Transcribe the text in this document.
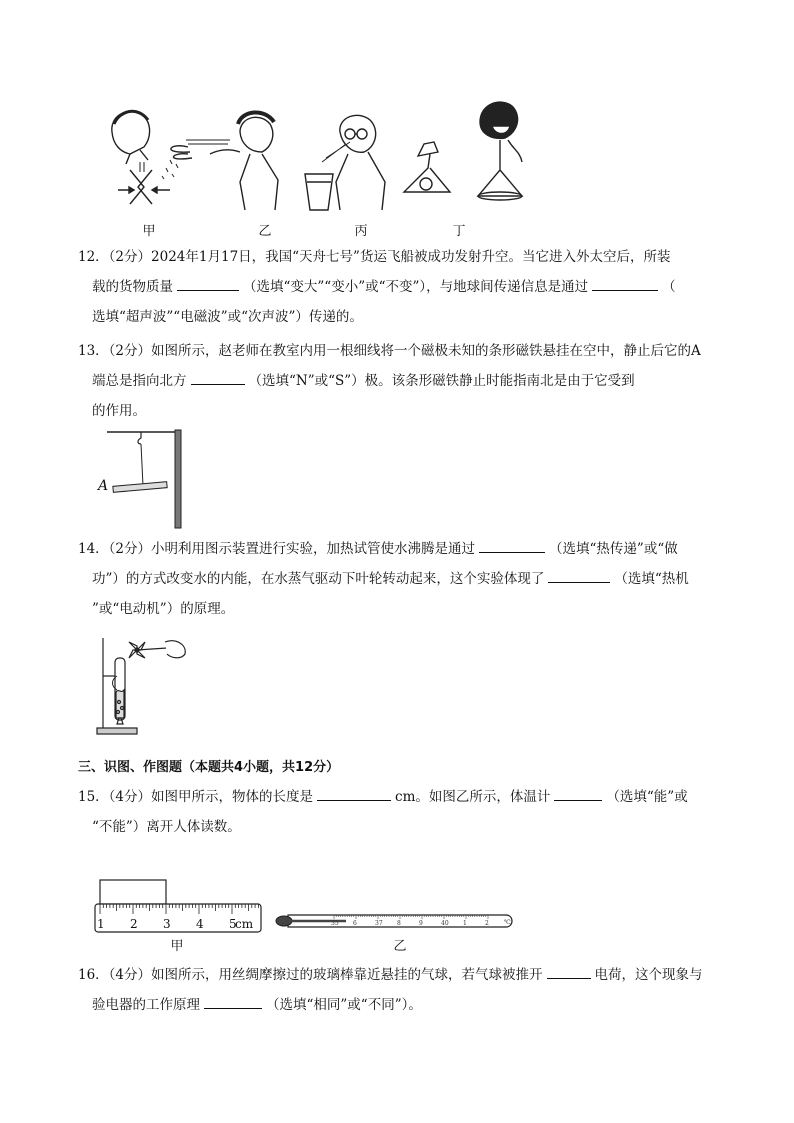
甲	乙	丙	丁
12．（2分）2024年1月17日，我国“天舟七号”货运飞船被成功发射升空。当它进入外太空后，所装
载的货物质量	（选填“变大”“变小”或“不变”），与地球间传递信息是通过	（
选填“超声波”“电磁波”或“次声波”）传递的。
13．（2分）如图所示，赵老师在教室内用一根细线将一个磁极未知的条形磁铁悬挂在空中，静止后它的A
端总是指向北方	（选填“N”或“S”）极。该条形磁铁静止时能指南北是由于它受到
的作用。
A
14．（2分）小明利用图示装置进行实验，加热试管使水沸腾是通过	（选填“热传递”或“做
功”）的方式改变水的内能，在水蒸气驱动下叶轮转动起来，这个实验体现了	（选填“热机
”或“电动机”）的原理。
三、识图、作图题（本题共4小题，共12分）
15．（4分）如图甲所示，物体的长度是	cm。如图乙所示，体温计	（选填“能”或
“不能”）离开人体读数。
1 2 3 4 5
cm
甲
35 6	37 8	9	40 1	2	℃
乙
16．（4分）如图所示，用丝绸摩擦过的玻璃棒靠近悬挂的气球，若气球被推开	电荷，这个现象与
验电器的工作原理	（选填“相同”或“不同”）。
